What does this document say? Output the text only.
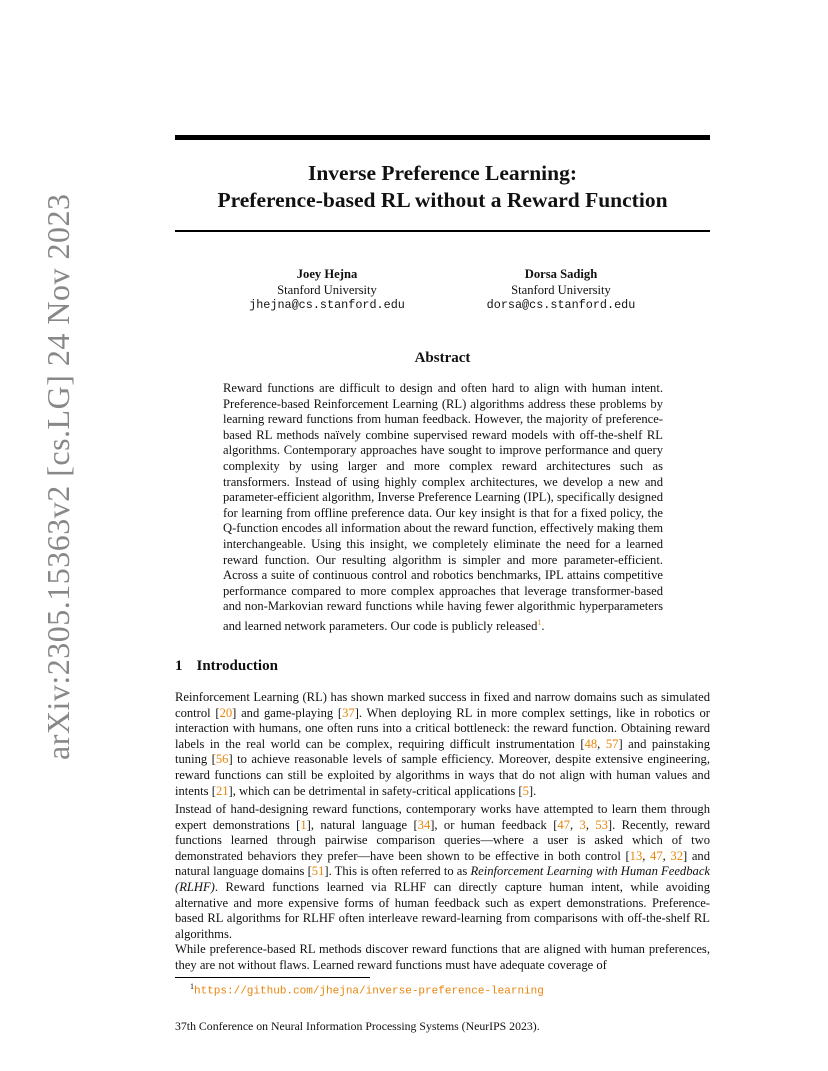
arXiv:2305.15363v2 [cs.LG] 24 Nov 2023
Inverse Preference Learning:
Preference-based RL without a Reward Function
Joey Hejna
Stanford University
jhejna@cs.stanford.edu
Dorsa Sadigh
Stanford University
dorsa@cs.stanford.edu
Abstract
Reward functions are difficult to design and often hard to align with human intent. Preference-based Reinforcement Learning (RL) algorithms address these problems by learning reward functions from human feedback. However, the majority of preference-based RL methods naïvely combine supervised reward models with off-the-shelf RL algorithms. Contemporary approaches have sought to improve performance and query complexity by using larger and more complex reward architectures such as transformers. Instead of using highly complex architectures, we develop a new and parameter-efficient algorithm, Inverse Preference Learning (IPL), specifically designed for learning from offline preference data. Our key insight is that for a fixed policy, the Q-function encodes all information about the reward function, effectively making them interchangeable. Using this insight, we completely eliminate the need for a learned reward function. Our resulting algorithm is simpler and more parameter-efficient. Across a suite of continuous control and robotics benchmarks, IPL attains competitive performance compared to more complex approaches that leverage transformer-based and non-Markovian reward functions while having fewer algorithmic hyperparameters and learned network parameters. Our code is publicly released$^1$.
1 Introduction
Reinforcement Learning (RL) has shown marked success in fixed and narrow domains such as simulated control [20] and game-playing [37]. When deploying RL in more complex settings, like in robotics or interaction with humans, one often runs into a critical bottleneck: the reward function. Obtaining reward labels in the real world can be complex, requiring difficult instrumentation [48, 57] and painstaking tuning [56] to achieve reasonable levels of sample efficiency. Moreover, despite extensive engineering, reward functions can still be exploited by algorithms in ways that do not align with human values and intents [21], which can be detrimental in safety-critical applications [5].
Instead of hand-designing reward functions, contemporary works have attempted to learn them through expert demonstrations [1], natural language [34], or human feedback [47, 3, 53]. Recently, reward functions learned through pairwise comparison queries—where a user is asked which of two demonstrated behaviors they prefer—have been shown to be effective in both control [13, 47, 32] and natural language domains [51]. This is often referred to as Reinforcement Learning with Human Feedback (RLHF). Reward functions learned via RLHF can directly capture human intent, while avoiding alternative and more expensive forms of human feedback such as expert demonstrations. Preference-based RL algorithms for RLHF often interleave reward-learning from comparisons with off-the-shelf RL algorithms.
While preference-based RL methods discover reward functions that are aligned with human preferences, they are not without flaws. Learned reward functions must have adequate coverage of
$^1$https://github.com/jhejna/inverse-preference-learning
37th Conference on Neural Information Processing Systems (NeurIPS 2023).
